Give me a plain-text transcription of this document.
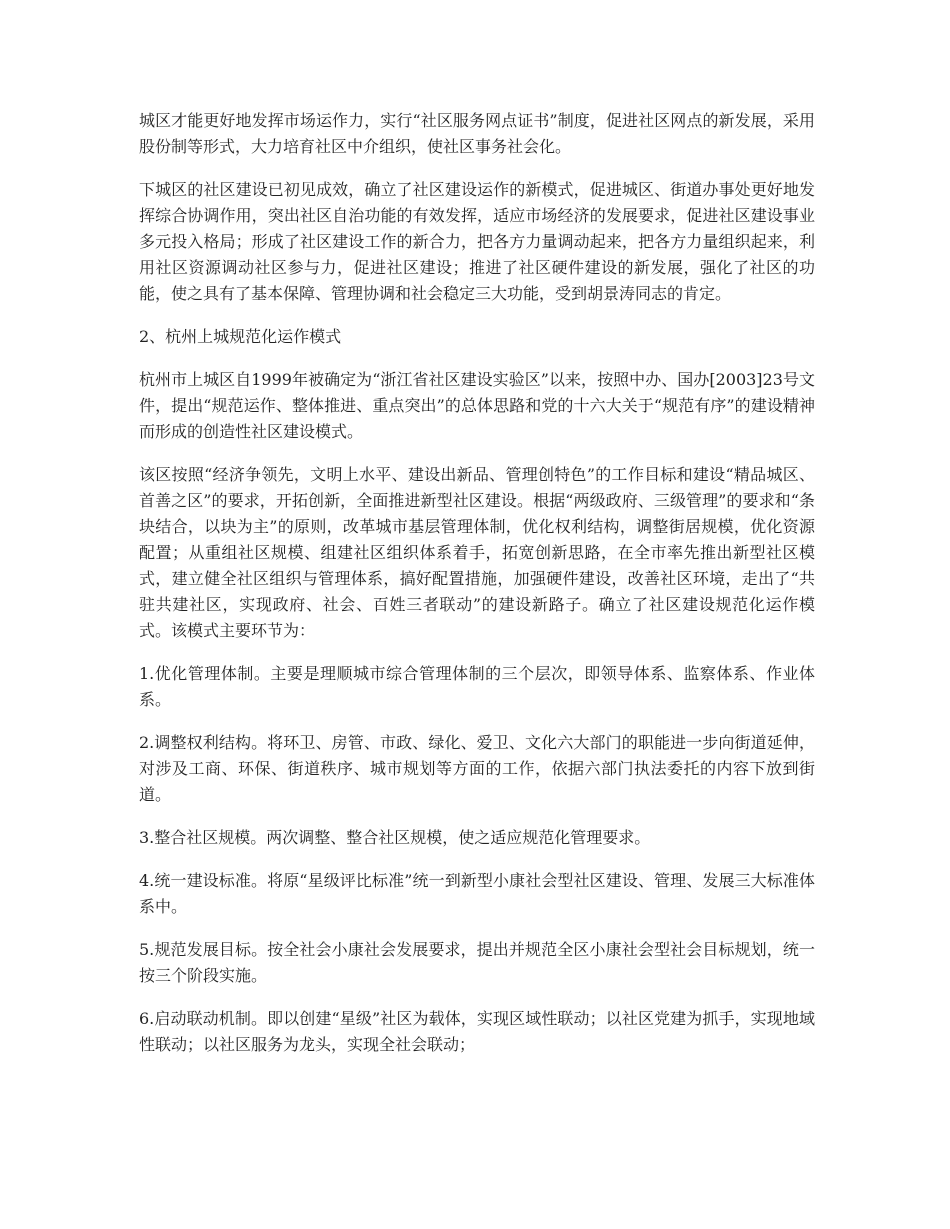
城区才能更好地发挥市场运作力，实行“社区服务网点证书”制度，促进社区网点的新发展，采用股份制等形式，大力培育社区中介组织，使社区事务社会化。

下城区的社区建设已初见成效，确立了社区建设运作的新模式，促进城区、街道办事处更好地发挥综合协调作用，突出社区自治功能的有效发挥，适应市场经济的发展要求，促进社区建设事业多元投入格局；形成了社区建设工作的新合力，把各方力量调动起来，把各方力量组织起来，利用社区资源调动社区参与力，促进社区建设；推进了社区硬件建设的新发展，强化了社区的功能，使之具有了基本保障、管理协调和社会稳定三大功能，受到胡景涛同志的肯定。

2、杭州上城规范化运作模式

杭州市上城区自1999年被确定为“浙江省社区建设实验区”以来，按照中办、国办[2003]23号文件，提出“规范运作、整体推进、重点突出”的总体思路和党的十六大关于“规范有序”的建设精神而形成的创造性社区建设模式。

该区按照“经济争领先，文明上水平、建设出新品、管理创特色”的工作目标和建设“精品城区、首善之区”的要求，开拓创新，全面推进新型社区建设。根据“两级政府、三级管理”的要求和“条块结合，以块为主”的原则，改革城市基层管理体制，优化权利结构，调整街居规模，优化资源配置；从重组社区规模、组建社区组织体系着手，拓宽创新思路，在全市率先推出新型社区模式，建立健全社区组织与管理体系，搞好配置措施，加强硬件建设，改善社区环境，走出了“共驻共建社区，实现政府、社会、百姓三者联动”的建设新路子。确立了社区建设规范化运作模式。该模式主要环节为：

1.优化管理体制。主要是理顺城市综合管理体制的三个层次，即领导体系、监察体系、作业体系。

2.调整权利结构。将环卫、房管、市政、绿化、爱卫、文化六大部门的职能进一步向街道延伸，对涉及工商、环保、街道秩序、城市规划等方面的工作，依据六部门执法委托的内容下放到街道。

3.整合社区规模。两次调整、整合社区规模，使之适应规范化管理要求。

4.统一建设标准。将原“星级评比标准”统一到新型小康社会型社区建设、管理、发展三大标准体系中。

5.规范发展目标。按全社会小康社会发展要求，提出并规范全区小康社会型社会目标规划，统一按三个阶段实施。

6.启动联动机制。即以创建“星级”社区为载体，实现区域性联动；以社区党建为抓手，实现地域性联动；以社区服务为龙头，实现全社会联动；
